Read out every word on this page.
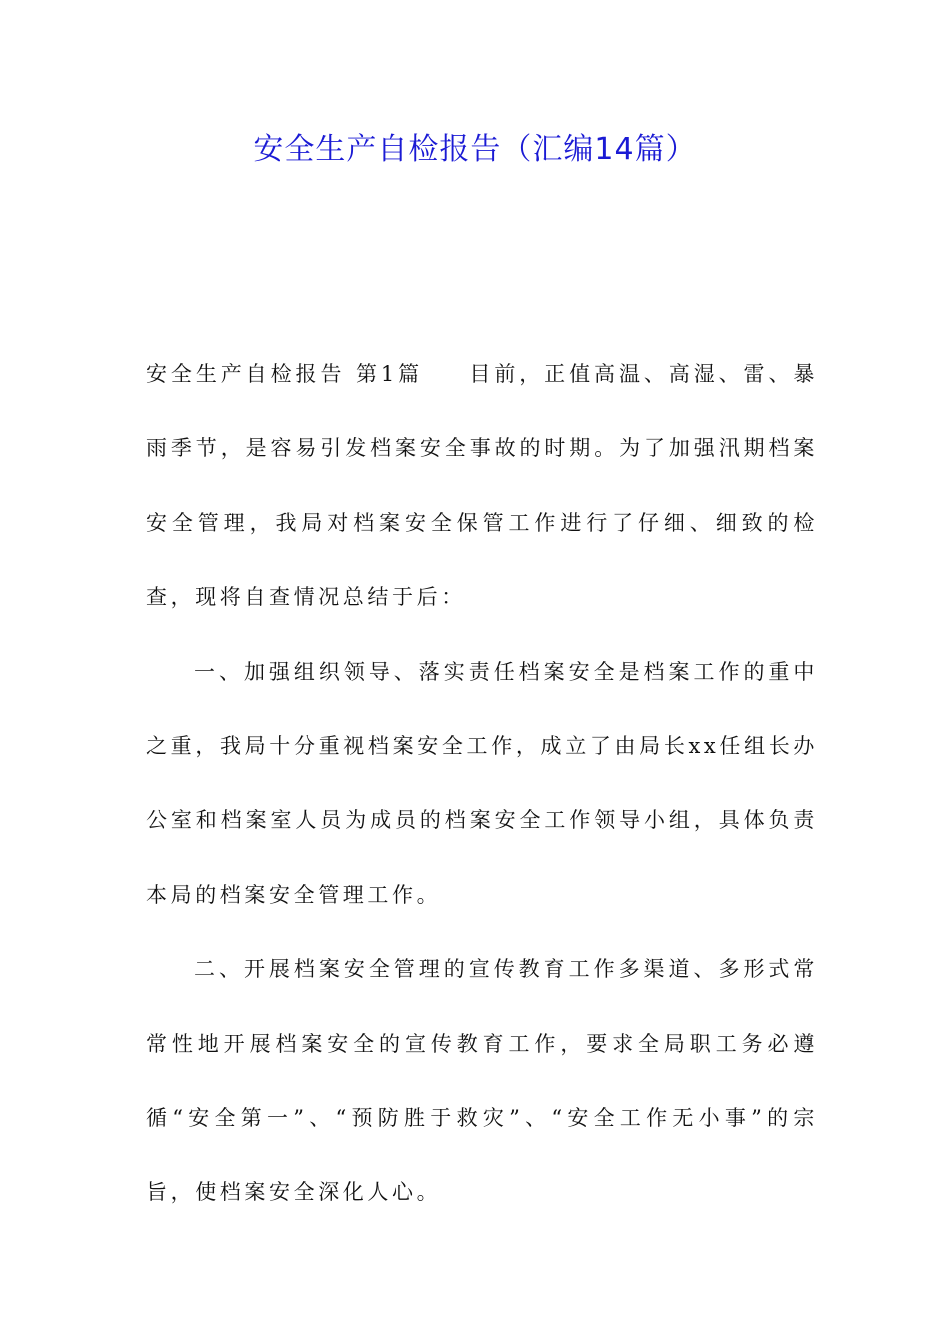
安全生产自检报告（汇编14篇）

安全生产自检报告 第1篇 目前，正值高温、高湿、雷、暴雨季节，是容易引发档案安全事故的时期。为了加强汛期档案安全管理，我局对档案安全保管工作进行了仔细、细致的检查，现将自查情况总结于后：

一、加强组织领导、落实责任档案安全是档案工作的重中之重，我局十分重视档案安全工作，成立了由局长xx任组长办公室和档案室人员为成员的档案安全工作领导小组，具体负责本局的档案安全管理工作。

二、开展档案安全管理的宣传教育工作多渠道、多形式常常性地开展档案安全的宣传教育工作，要求全局职工务必遵循“安全第一”、“预防胜于救灾”、“安全工作无小事”的宗旨，使档案安全深化人心。
